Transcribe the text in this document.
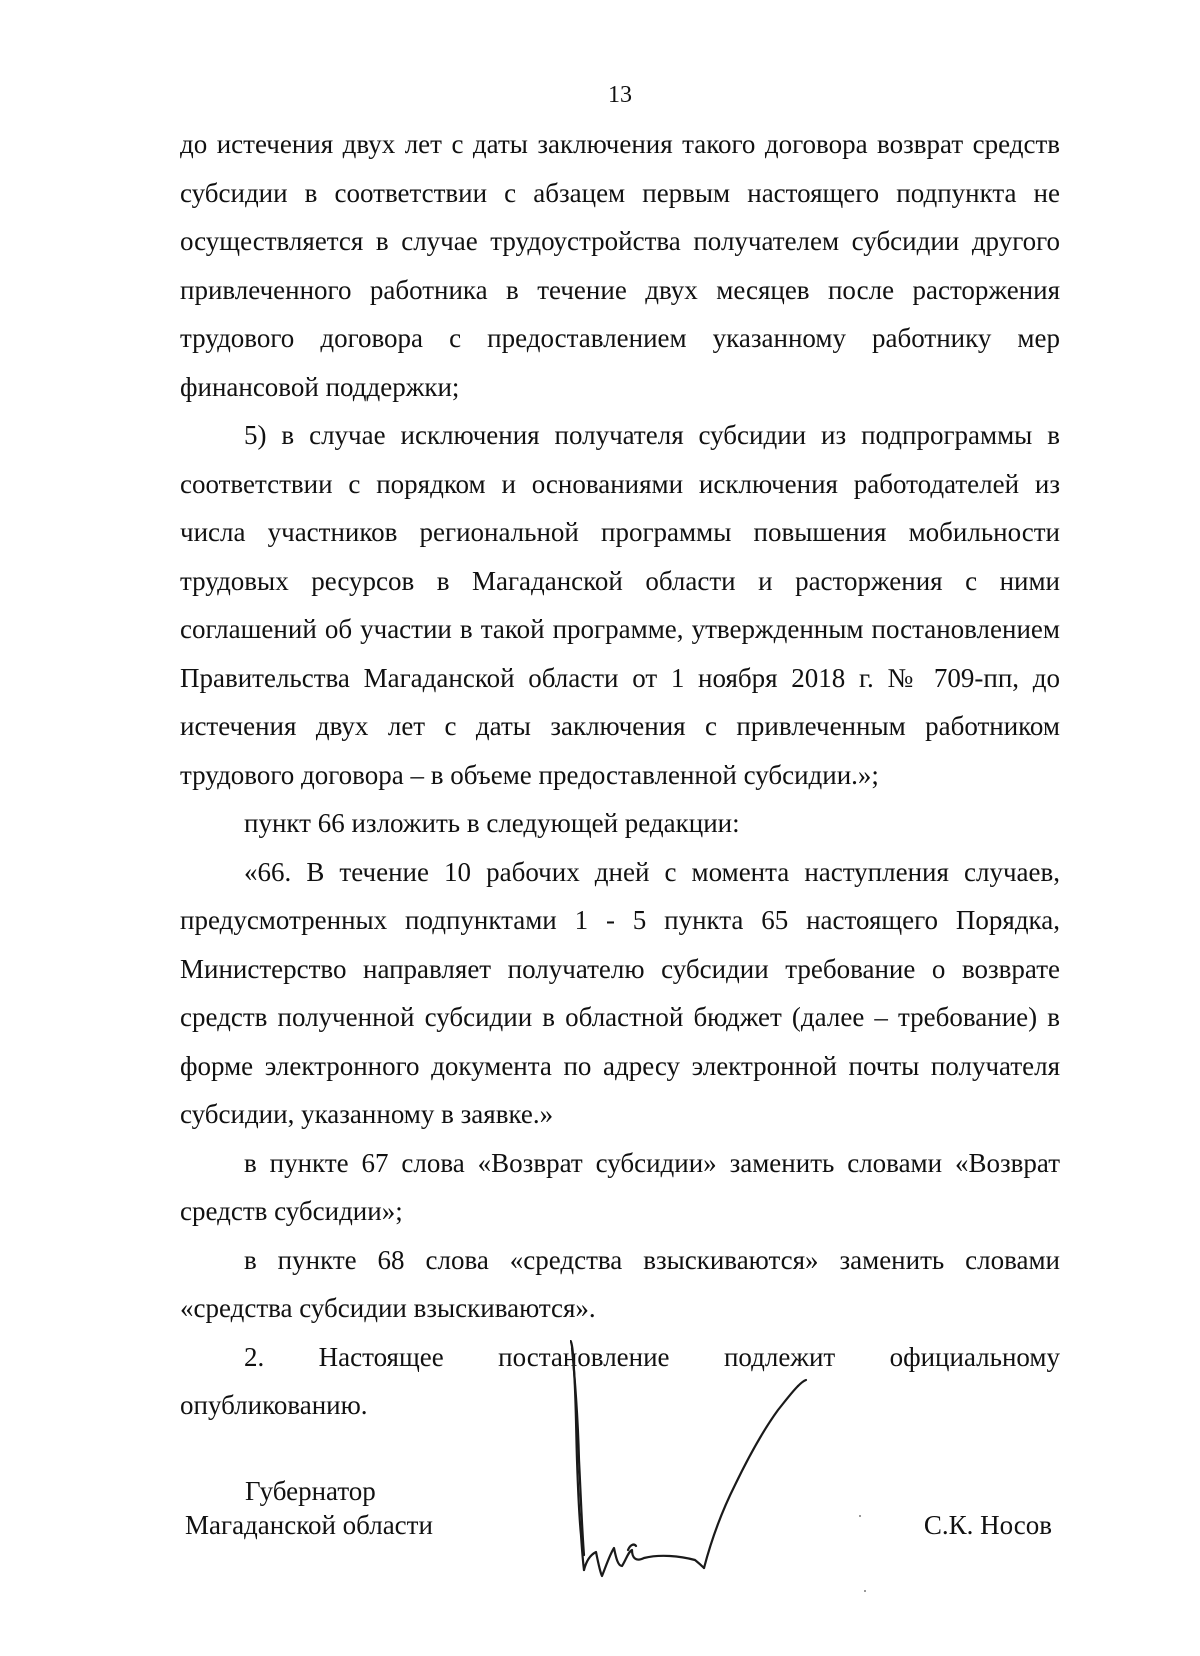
13

до истечения двух лет с даты заключения такого договора возврат средств субсидии в соответствии с абзацем первым настоящего подпункта не осуществляется в случае трудоустройства получателем субсидии другого привлеченного работника в течение двух месяцев после расторжения трудового договора с предоставлением указанному работнику мер финансовой поддержки;

5) в случае исключения получателя субсидии из подпрограммы в соответствии с порядком и основаниями исключения работодателей из числа участников региональной программы повышения мобильности трудовых ресурсов в Магаданской области и расторжения с ними соглашений об участии в такой программе, утвержденным постановлением Правительства Магаданской области от 1 ноября 2018 г. № 709-пп, до истечения двух лет с даты заключения с привлеченным работником трудового договора – в объеме предоставленной субсидии.»;

пункт 66 изложить в следующей редакции:

«66. В течение 10 рабочих дней с момента наступления случаев, предусмотренных подпунктами 1 - 5 пункта 65 настоящего Порядка, Министерство направляет получателю субсидии требование о возврате средств полученной субсидии в областной бюджет (далее – требование) в форме электронного документа по адресу электронной почты получателя субсидии, указанному в заявке.»

в пункте 67 слова «Возврат субсидии» заменить словами «Возврат средств субсидии»;

в пункте 68 слова «средства взыскиваются» заменить словами «средства субсидии взыскиваются».

2. Настоящее постановление подлежит официальному опубликованию.

Губернатор
Магаданской области	С.К. Носов
